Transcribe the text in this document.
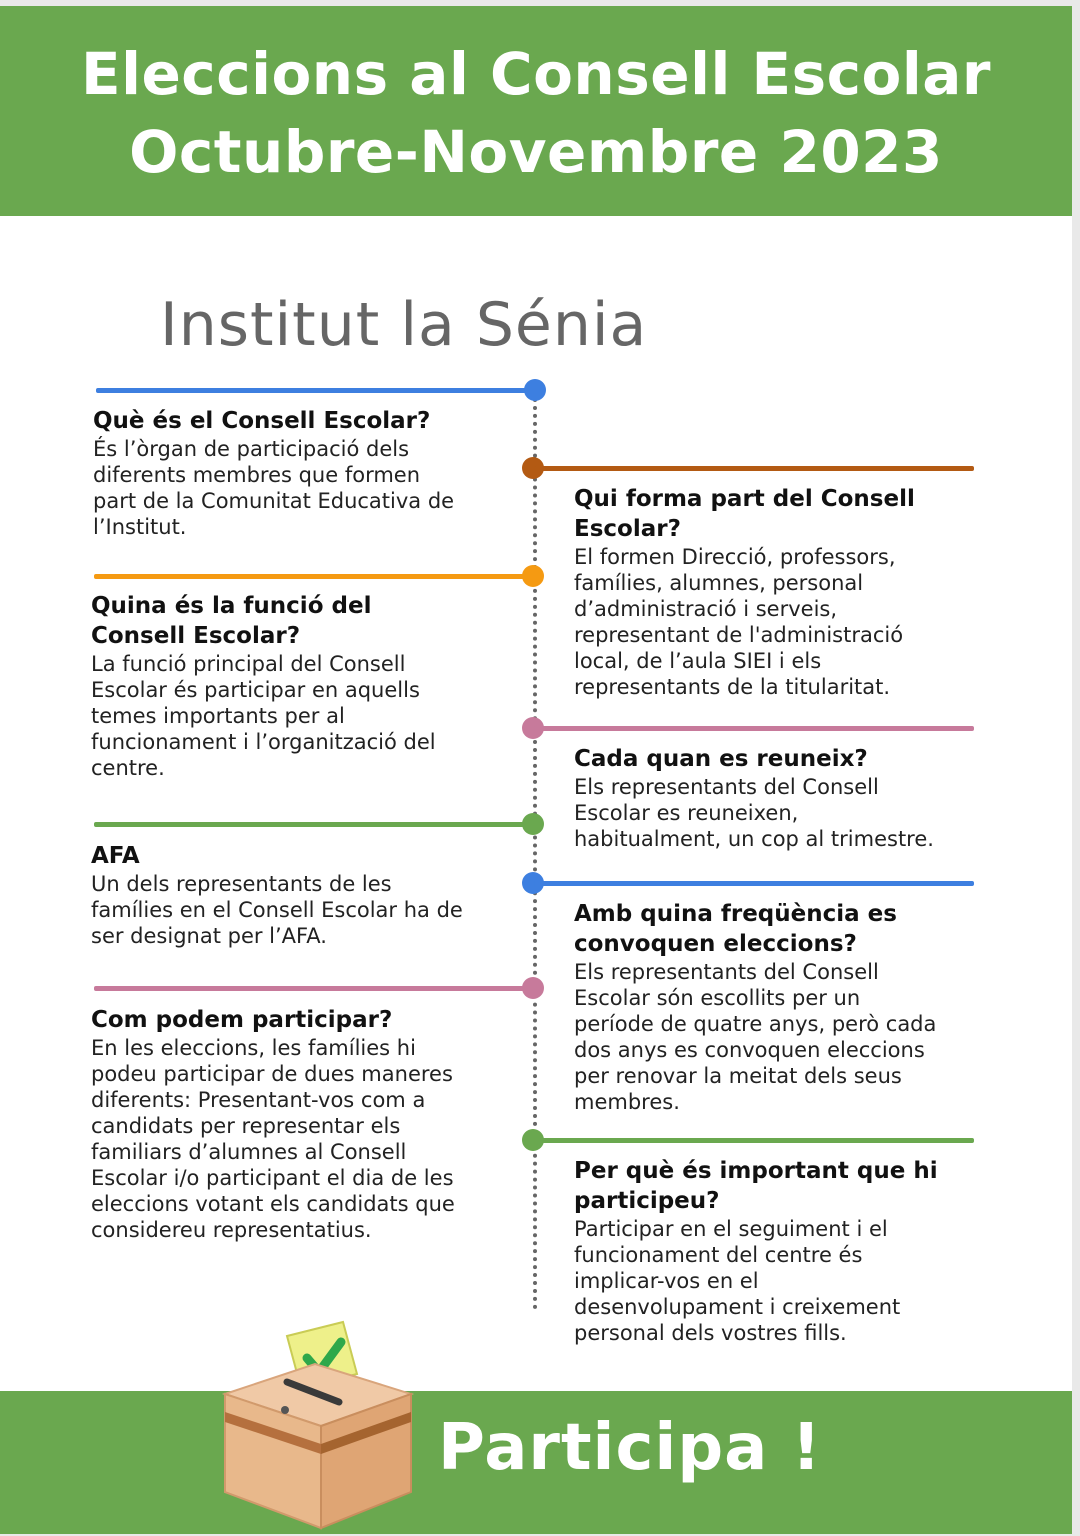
Eleccions al Consell Escolar
Octubre-Novembre 2023
Institut la Sénia
Què és el Consell Escolar?

És l’òrgan de participació dels
diferents membres que formen
part de la Comunitat Educativa de
l’Institut.

Quina és la funció del
Consell Escolar?

La funció principal del Consell
Escolar és participar en aquells
temes importants per al
funcionament i l’organització del
centre.

AFA

Un dels representants de les
famílies en el Consell Escolar ha de
ser designat per l’AFA.

Com podem participar?

En les eleccions, les famílies hi
podeu participar de dues maneres
diferents: Presentant-vos com a
candidats per representar els
familiars d’alumnes al Consell
Escolar i/o participant el dia de les
eleccions votant els candidats que
considereu representatius.

Qui forma part del Consell
Escolar?

El formen Direcció, professors,
famílies, alumnes, personal
d’administració i serveis,
representant de l'administració
local, de l’aula SIEI i els
representants de la titularitat.

Cada quan es reuneix?

Els representants del Consell
Escolar es reuneixen,
habitualment, un cop al trimestre.

Amb quina freqüència es
convoquen eleccions?

Els representants del Consell
Escolar són escollits per un
període de quatre anys, però cada
dos anys es convoquen eleccions
per renovar la meitat dels seus
membres.

Per què és important que hi
participeu?

Participar en el seguiment i el
funcionament del centre és
implicar-vos en el
desenvolupament i creixement
personal dels vostres fills.

Participa !
